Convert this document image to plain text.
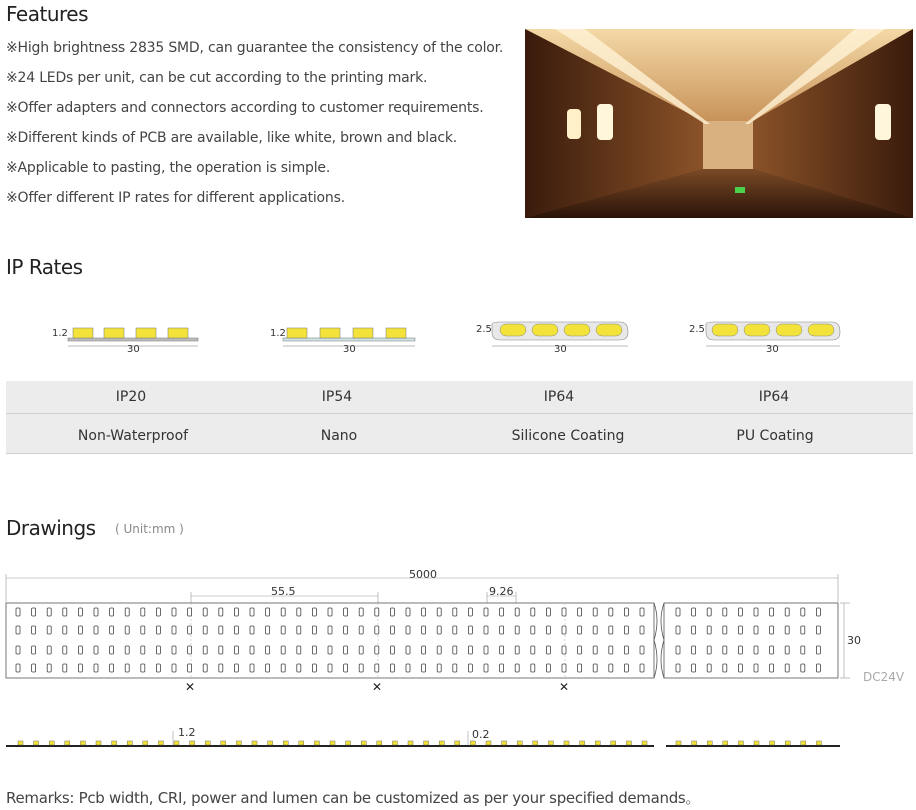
Features
※High brightness 2835 SMD, can guarantee the consistency of the color.
※24 LEDs per unit, can be cut according to the printing mark.
※Offer adapters and connectors according to customer requirements.
※Different kinds of PCB are available, like white, brown and black.
※Applicable to pasting, the operation is simple.
※Offer different IP rates for different applications.
IP Rates
1.2
30
1.2
30
2.5
30
2.5
30
IP20	IP54	IP64	IP64
Non-Waterproof	Nano	Silicone Coating	PU Coating
Drawings ( Unit:mm )
5000
55.5	9.26
30
DC24V
✕	✕	✕
1.2	0.2
Remarks: Pcb width, CRI, power and lumen can be customized as per your specified demands。
